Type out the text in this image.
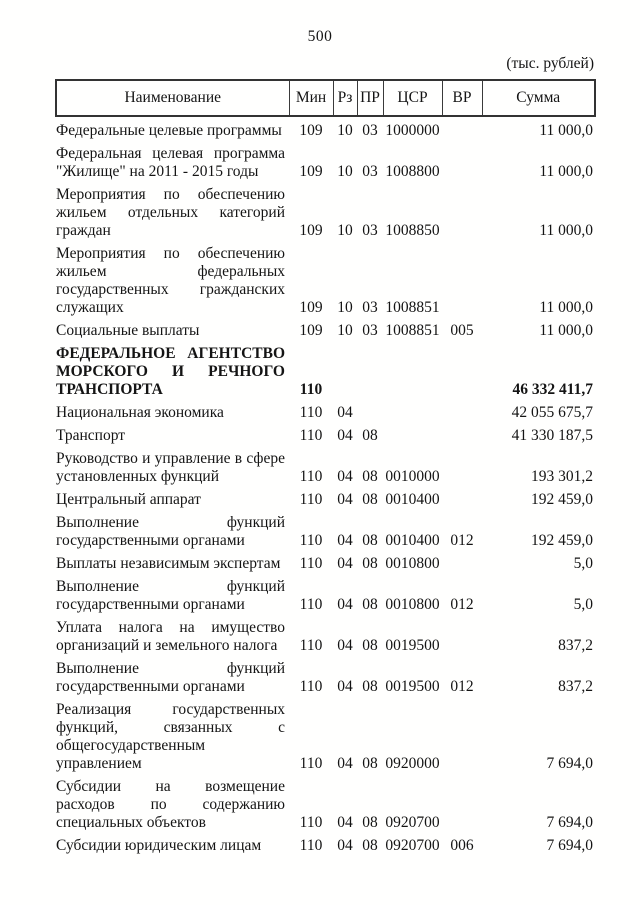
500
(тыс. рублей)
Наименование	Мин	Рз	ПР	ЦСР	ВР	Сумма
Федеральные целевые программы	109	10	03	1000000		11 000,0
Федеральная целевая программа "Жилище" на 2011 - 2015 годы	109	10	03	1008800		11 000,0
Мероприятия по обеспечению жильем отдельных категорий граждан	109	10	03	1008850		11 000,0
Мероприятия по обеспечению жильем федеральных государственных гражданских служащих	109	10	03	1008851		11 000,0
Социальные выплаты	109	10	03	1008851	005	11 000,0
ФЕДЕРАЛЬНОЕ АГЕНТСТВО МОРСКОГО И РЕЧНОГО ТРАНСПОРТА	110					46 332 411,7
Национальная экономика	110	04				42 055 675,7
Транспорт	110	04	08			41 330 187,5
Руководство и управление в сфере установленных функций	110	04	08	0010000		193 301,2
Центральный аппарат	110	04	08	0010400		192 459,0
Выполнение функций государственными органами	110	04	08	0010400	012	192 459,0
Выплаты независимым экспертам	110	04	08	0010800		5,0
Выполнение функций государственными органами	110	04	08	0010800	012	5,0
Уплата налога на имущество организаций и земельного налога	110	04	08	0019500		837,2
Выполнение функций государственными органами	110	04	08	0019500	012	837,2
Реализация государственных функций, связанных с общегосударственным управлением	110	04	08	0920000		7 694,0
Субсидии на возмещение расходов по содержанию специальных объектов	110	04	08	0920700		7 694,0
Субсидии юридическим лицам	110	04	08	0920700	006	7 694,0
